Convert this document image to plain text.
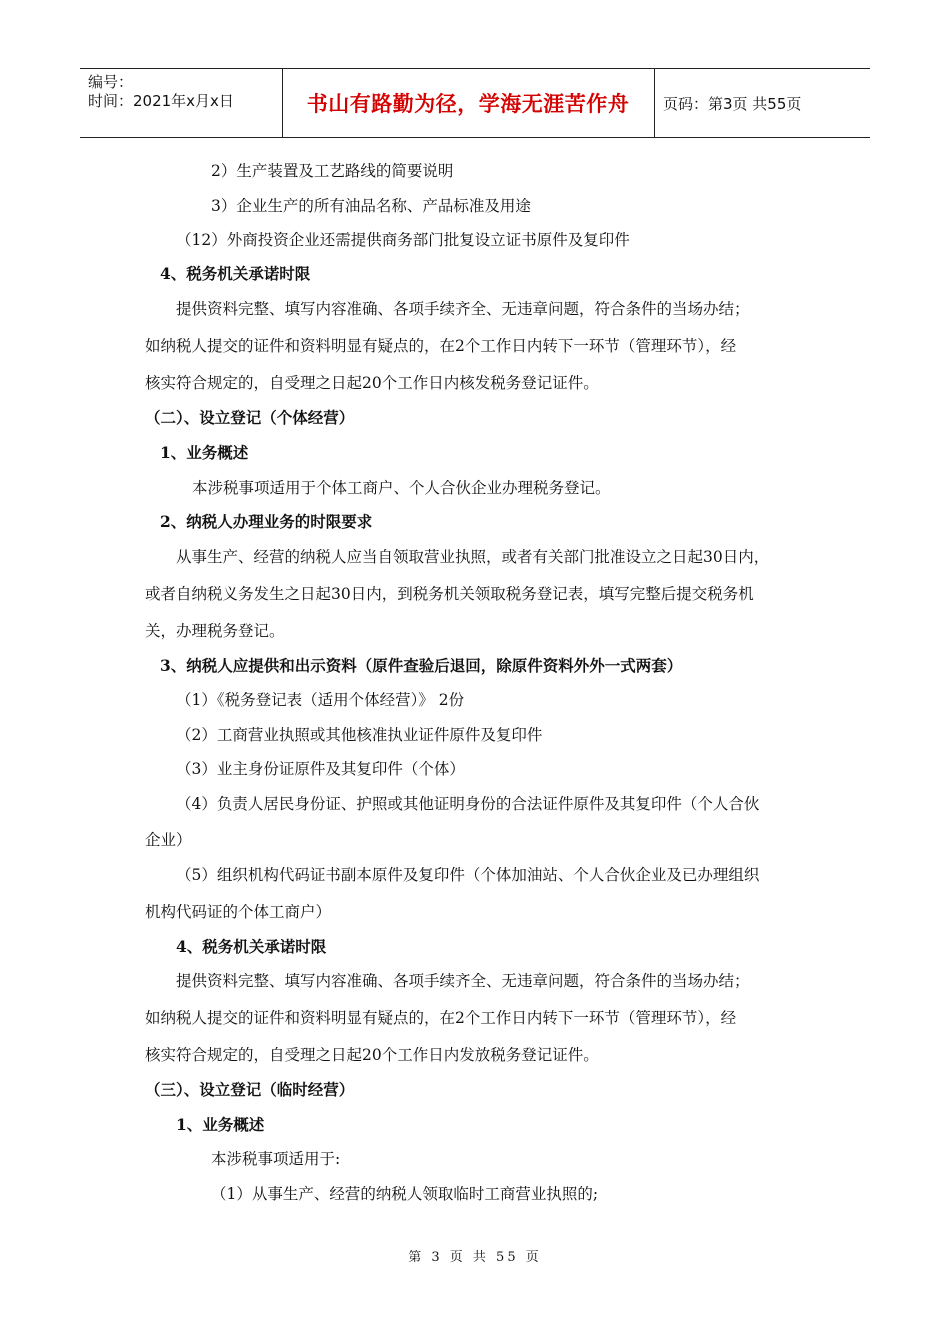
编号：
时间：2021年x月x日	书山有路勤为径，学海无涯苦作舟	页码：第3页 共55页
2）生产装置及工艺路线的简要说明
3）企业生产的所有油品名称、产品标准及用途
（12）外商投资企业还需提供商务部门批复设立证书原件及复印件
4、税务机关承诺时限
提供资料完整、填写内容准确、各项手续齐全、无违章问题，符合条件的当场办结；
如纳税人提交的证件和资料明显有疑点的，在2个工作日内转下一环节（管理环节），经
核实符合规定的，自受理之日起20个工作日内核发税务登记证件。
（二）、设立登记（个体经营）
1、业务概述
本涉税事项适用于个体工商户、个人合伙企业办理税务登记。
2、纳税人办理业务的时限要求
从事生产、经营的纳税人应当自领取营业执照，或者有关部门批准设立之日起30日内，
或者自纳税义务发生之日起30日内，到税务机关领取税务登记表，填写完整后提交税务机
关，办理税务登记。
3、纳税人应提供和出示资料（原件查验后退回，除原件资料外外一式两套）
（1）《税务登记表（适用个体经营）》 2份
（2）工商营业执照或其他核准执业证件原件及复印件
（3）业主身份证原件及其复印件（个体）
（4）负责人居民身份证、护照或其他证明身份的合法证件原件及其复印件（个人合伙
企业）
（5）组织机构代码证书副本原件及复印件（个体加油站、个人合伙企业及已办理组织
机构代码证的个体工商户）
4、税务机关承诺时限
提供资料完整、填写内容准确、各项手续齐全、无违章问题，符合条件的当场办结；
如纳税人提交的证件和资料明显有疑点的，在2个工作日内转下一环节（管理环节），经
核实符合规定的，自受理之日起20个工作日内发放税务登记证件。
（三）、设立登记（临时经营）
1、业务概述
本涉税事项适用于:
（1）从事生产、经营的纳税人领取临时工商营业执照的;
第 3 页 共 55 页
